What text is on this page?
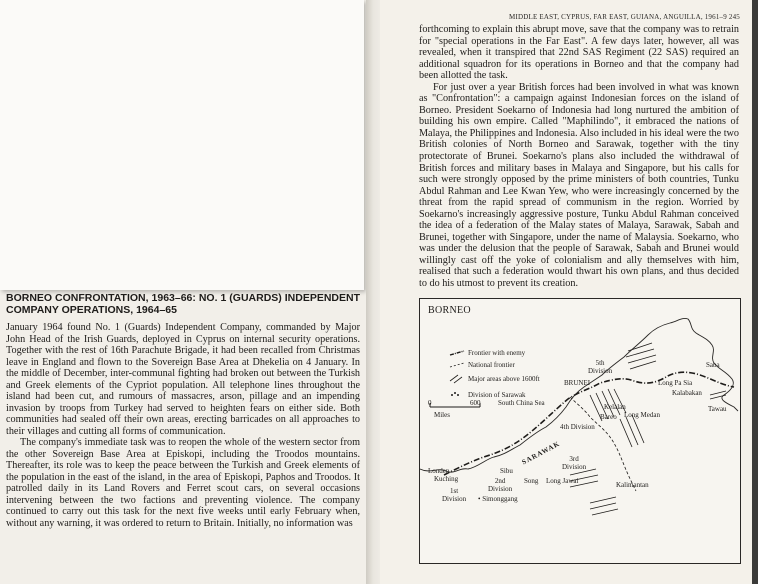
BORNEO CONFRONTATION, 1963–66: NO. 1 (GUARDS) INDEPENDENT COMPANY OPERATIONS, 1964–65

January 1964 found No. 1 (Guards) Independent Company, commanded by Major John Head of the Irish Guards, deployed in Cyprus on internal security operations. Together with the rest of 16th Parachute Brigade, it had been recalled from Christmas leave in England and flown to the Sovereign Base Area at Dhekelia on 4 January. In the middle of December, inter-communal fighting had broken out between the Turkish and Greek elements of the Cypriot population. All telephone lines throughout the island had been cut, and rumours of massacres, arson, pillage and an impending invasion by troops from Turkey had served to heighten fears on either side. Both communities had sealed off their own areas, erecting barricades on all approaches to their villages and cutting all forms of communication.

The company's immediate task was to reopen the whole of the western sector from the other Sovereign Base Area at Episkopi, including the Troodos mountains. Thereafter, its role was to keep the peace between the Turkish and Greek elements of the population in the east of the island, in the area of Episkopi, Paphos and Troodos. It patrolled daily in its Land Rovers and Ferret scout cars, on several occasions intervening between the two factions and preventing violence. The company continued to carry out this task for the next five weeks until early February when, without any warning, it was ordered to return to Britain. Initially, no information was

MIDDLE EAST, CYPRUS, FAR EAST, GUIANA, ANGUILLA, 1961–9 245

forthcoming to explain this abrupt move, save that the company was to retrain for "special operations in the Far East". A few days later, however, all was revealed, when it transpired that 22nd SAS Regiment (22 SAS) required an additional squadron for its operations in Borneo and that the company had been allotted the task.

For just over a year British forces had been involved in what was known as "Confrontation": a campaign against Indonesian forces on the island of Borneo. President Soekarno of Indonesia had long nurtured the ambition of building his own empire. Called "Maphilindo", it embraced the nations of Malaya, the Philippines and Indonesia. Also included in his ideal were the two British colonies of North Borneo and Sarawak, together with the tiny protectorate of Brunei. Soekarno's plans also included the withdrawal of British forces and military bases in Malaya and Singapore, but his calls for such were strongly opposed by the prime ministers of both countries, Tunku Abdul Rahman and Lee Kwan Yew, who were increasingly concerned by the threat from the rapid spread of communism in the region. Worried by Soekarno's increasingly aggressive posture, Tunku Abdul Rahman conceived the idea of a federation of the Malay states of Malaya, Sarawak, Sabah and Brunei, together with Singapore, under the name of Malaysia. Soekarno, who was under the delusion that the people of Sarawak, Sabah and Brunei would willingly cast off the yoke of colonialism and ally themselves with him, realised that such a federation would thwart his own plans, and thus decided to do his utmost to prevent its creation.

BORNEO
Frontier with enemy
National frontier
Major areas above 1600ft
Division of Sarawak
0	600
Miles
South China Sea
5th
Division
BRUNEI
Saba
Long Pa Sia
Kalabakan
Tawau
Kelalan
Bareo Long Medan
4th Division
SARAWAK	3rd
Division
Sibu
Song Long Jawai	Kalimantan
Londen
Kuching	2nd
Division
1st
Division • Simonggang
